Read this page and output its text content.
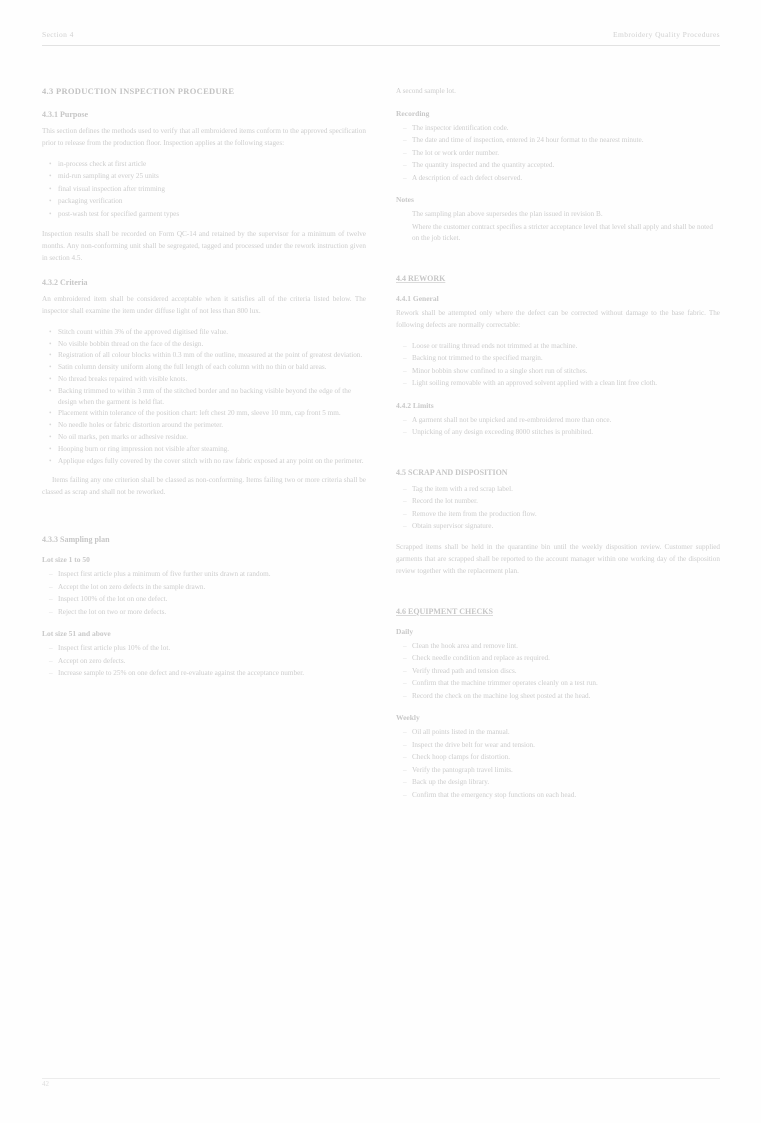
Section 4	Embroidery Quality Procedures
4.3 PRODUCTION INSPECTION PROCEDURE
4.3.1 Purpose

This section defines the methods used to verify that all embroidered items conform to the approved specification prior to release from the production floor. Inspection applies at the following stages:

• in-process check at first article
• mid-run sampling at every 25 units
• final visual inspection after trimming
• packaging verification
• post-wash test for specified garment types

Inspection results shall be recorded on Form QC-14 and retained by the supervisor for a minimum of twelve months. Any non-conforming unit shall be segregated, tagged and processed under the rework instruction given in section 4.5.

4.3.2 Criteria

An embroidered item shall be considered acceptable when it satisfies all of the criteria listed below. The inspector shall examine the item under diffuse light of not less than 800 lux.

• Stitch count within 3% of the approved digitised file value.
• No visible bobbin thread on the face of the design.
• Registration of all colour blocks within 0.3 mm of the outline, measured at the point of greatest deviation.
• Satin column density uniform along the full length of each column with no thin or bald areas.
• No thread breaks repaired with visible knots.
• Backing trimmed to within 3 mm of the stitched border and no backing visible beyond the edge of the design when the garment is held flat.
• Placement within tolerance of the position chart: left chest 20 mm, sleeve 10 mm, cap front 5 mm.
• No needle holes or fabric distortion around the perimeter.
• No oil marks, pen marks or adhesive residue.
• Hooping burn or ring impression not visible after steaming.
• Applique edges fully covered by the cover stitch with no raw fabric exposed at any point on the perimeter.

Items failing any one criterion shall be classed as non-conforming. Items failing two or more criteria shall be classed as scrap and shall not be reworked.

4.3.3 Sampling plan
Lot size 1 to 50
– Inspect first article plus a minimum of five further units drawn at random.
– Accept the lot on zero defects in the sample drawn.
– Inspect 100% of the lot on one defect.
– Reject the lot on two or more defects.
Lot size 51 and above
– Inspect first article plus 10% of the lot.
– Accept on zero defects.
– Increase sample to 25% on one defect and re-evaluate against the acceptance number.

A second sample lot.

Recording
– The inspector identification code.
– The date and time of inspection, entered in 24 hour format to the nearest minute.
– The lot or work order number.
– The quantity inspected and the quantity accepted.
– A description of each defect observed.
Notes
The sampling plan above supersedes the plan issued in revision B.
Where the customer contract specifies a stricter acceptance level that level shall apply and shall be noted on the job ticket.
4.4 REWORK
4.4.1 General

Rework shall be attempted only where the defect can be corrected without damage to the base fabric. The following defects are normally correctable:

– Loose or trailing thread ends not trimmed at the machine.
– Backing not trimmed to the specified margin.
– Minor bobbin show confined to a single short run of stitches.
– Light soiling removable with an approved solvent applied with a clean lint free cloth.
4.4.2 Limits
– A garment shall not be unpicked and re-embroidered more than once.
– Unpicking of any design exceeding 8000 stitches is prohibited.
4.5 SCRAP AND DISPOSITION
– Tag the item with a red scrap label.
– Record the lot number.
– Remove the item from the production flow.
– Obtain supervisor signature.

Scrapped items shall be held in the quarantine bin until the weekly disposition review. Customer supplied garments that are scrapped shall be reported to the account manager within one working day of the disposition review together with the replacement plan.

4.6 EQUIPMENT CHECKS
Daily
– Clean the hook area and remove lint.
– Check needle condition and replace as required.
– Verify thread path and tension discs.
– Confirm that the machine trimmer operates cleanly on a test run.
– Record the check on the machine log sheet posted at the head.
Weekly
– Oil all points listed in the manual.
– Inspect the drive belt for wear and tension.
– Check hoop clamps for distortion.
– Verify the pantograph travel limits.
– Back up the design library.
– Confirm that the emergency stop functions on each head.
42
